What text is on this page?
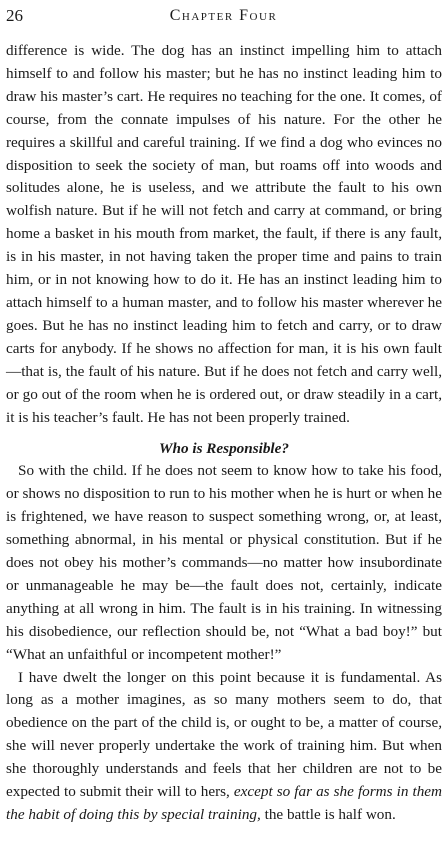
26	Chapter Four

difference is wide. The dog has an instinct impelling him to attach himself to and follow his master; but he has no instinct leading him to draw his master’s cart. He requires no teaching for the one. It comes, of course, from the connate impulses of his nature. For the other he requires a skillful and careful training. If we find a dog who evinces no disposition to seek the society of man, but roams off into woods and solitudes alone, he is useless, and we attribute the fault to his own wolfish nature. But if he will not fetch and carry at command, or bring home a basket in his mouth from market, the fault, if there is any fault, is in his master, in not having taken the proper time and pains to train him, or in not knowing how to do it. He has an instinct leading him to attach himself to a human master, and to follow his master wherever he goes. But he has no instinct leading him to fetch and carry, or to draw carts for anybody. If he shows no affection for man, it is his own fault—that is, the fault of his nature. But if he does not fetch and carry well, or go out of the room when he is ordered out, or draw steadily in a cart, it is his teacher’s fault. He has not been properly trained.

Who is Responsible?

So with the child. If he does not seem to know how to take his food, or shows no disposition to run to his mother when he is hurt or when he is frightened, we have reason to suspect something wrong, or, at least, something abnormal, in his mental or physical constitution. But if he does not obey his mother’s commands—no matter how insubordinate or unmanageable he may be—the fault does not, certainly, indicate anything at all wrong in him. The fault is in his training. In witnessing his disobedience, our reflection should be, not “What a bad boy!” but “What an unfaithful or incompetent mother!”

I have dwelt the longer on this point because it is fundamental. As long as a mother imagines, as so many mothers seem to do, that obedience on the part of the child is, or ought to be, a matter of course, she will never properly undertake the work of training him. But when she thoroughly understands and feels that her children are not to be expected to submit their will to hers, except so far as she forms in them the habit of doing this by special training, the battle is half won.
